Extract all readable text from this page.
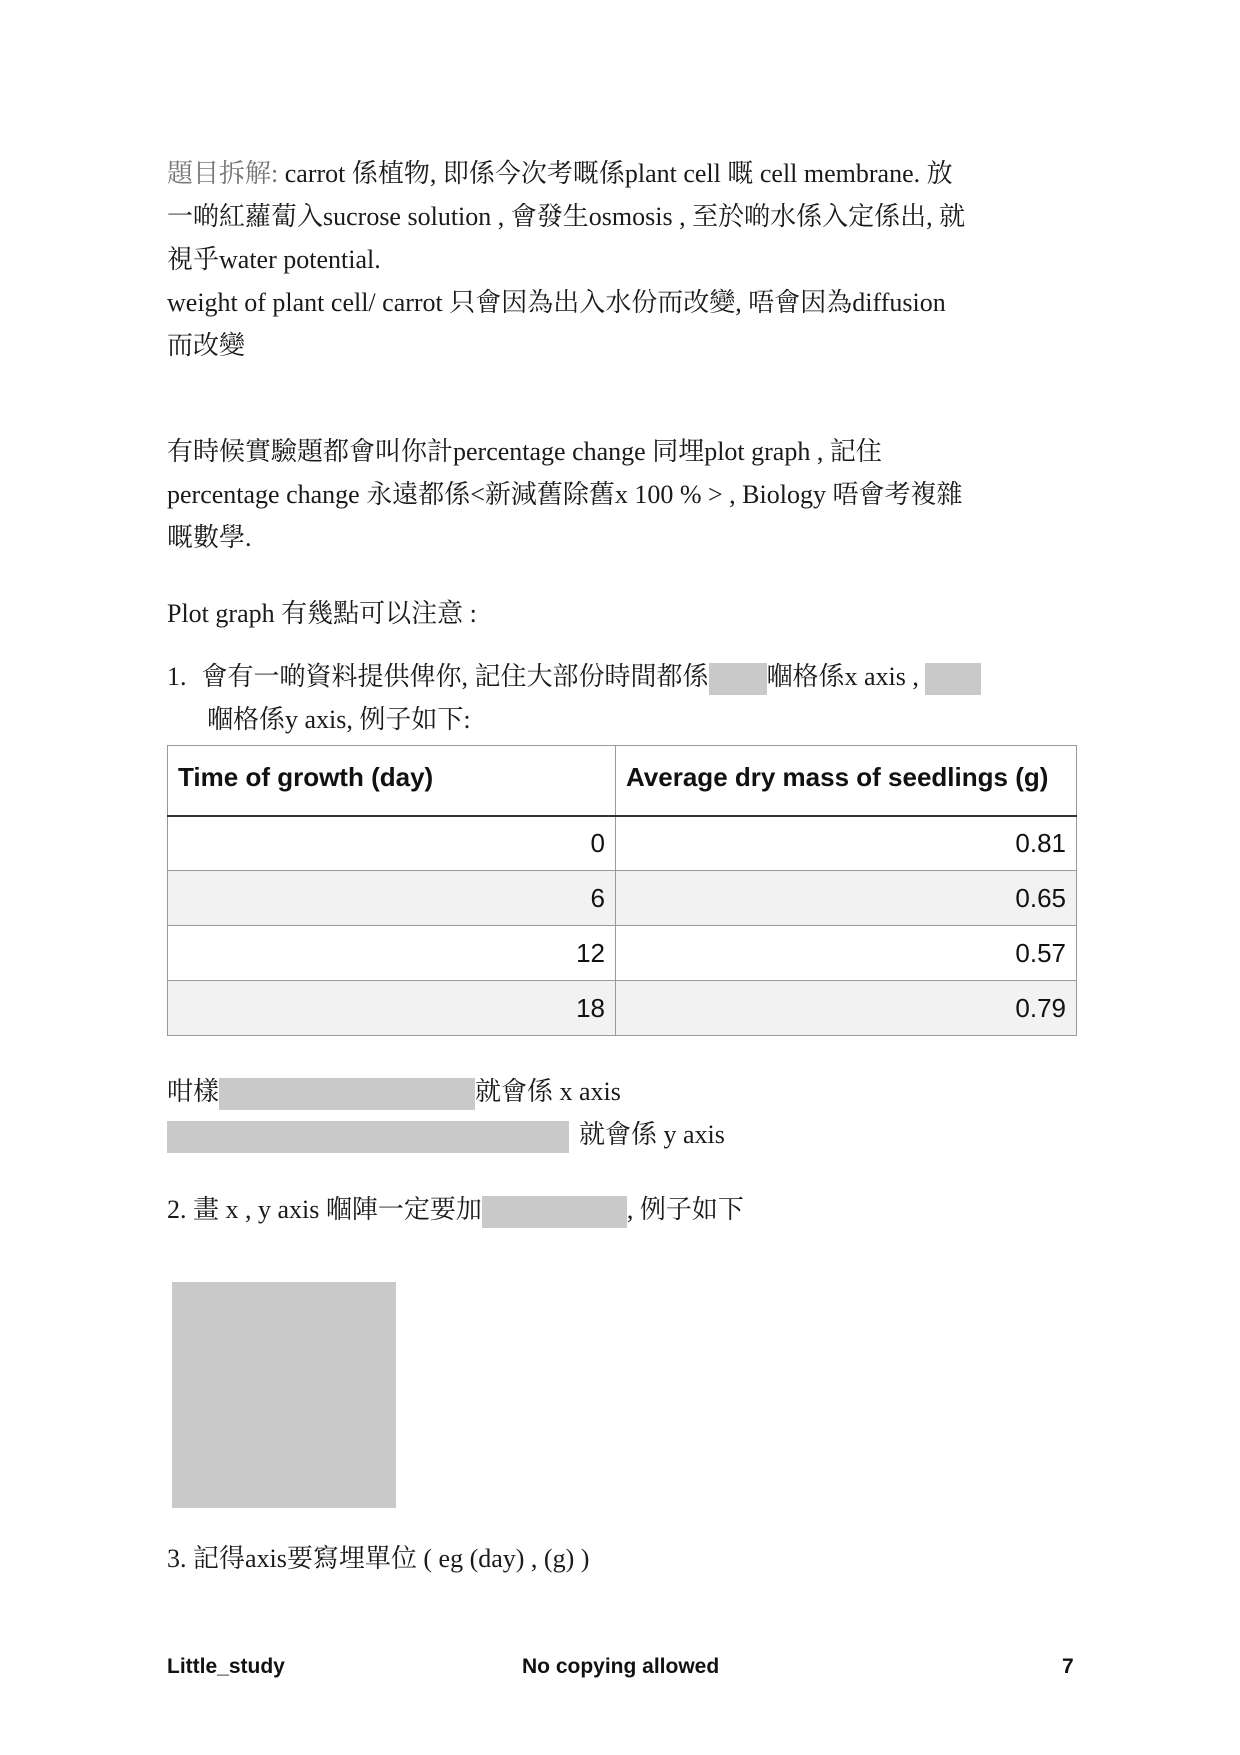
題目拆解: carrot 係植物, 即係今次考嘅係plant cell 嘅 cell membrane. 放
一啲紅蘿蔔入sucrose solution , 會發生osmosis , 至於啲水係入定係出, 就
視乎water potential.
weight of plant cell/ carrot 只會因為出入水份而改變, 唔會因為diffusion
而改變
有時候實驗題都會叫你計percentage change 同埋plot graph , 記住
percentage change 永遠都係<新減舊除舊x 100 % > , Biology 唔會考複雜
嘅數學.
Plot graph 有幾點可以注意 :
1. 會有一啲資料提供俾你, 記住大部份時間都係 嗰格係x axis ,
嗰格係y axis, 例子如下:
Time of growth (day)	Average dry mass of seedlings (g)
0	0.81
6	0.65
12	0.57
18	0.79
咁樣	就會係 x axis
就會係 y axis
2. 畫 x , y axis 嗰陣一定要加	, 例子如下
3. 記得axis要寫埋單位 ( eg (day) , (g) )
Little_study	No copying allowed	7
